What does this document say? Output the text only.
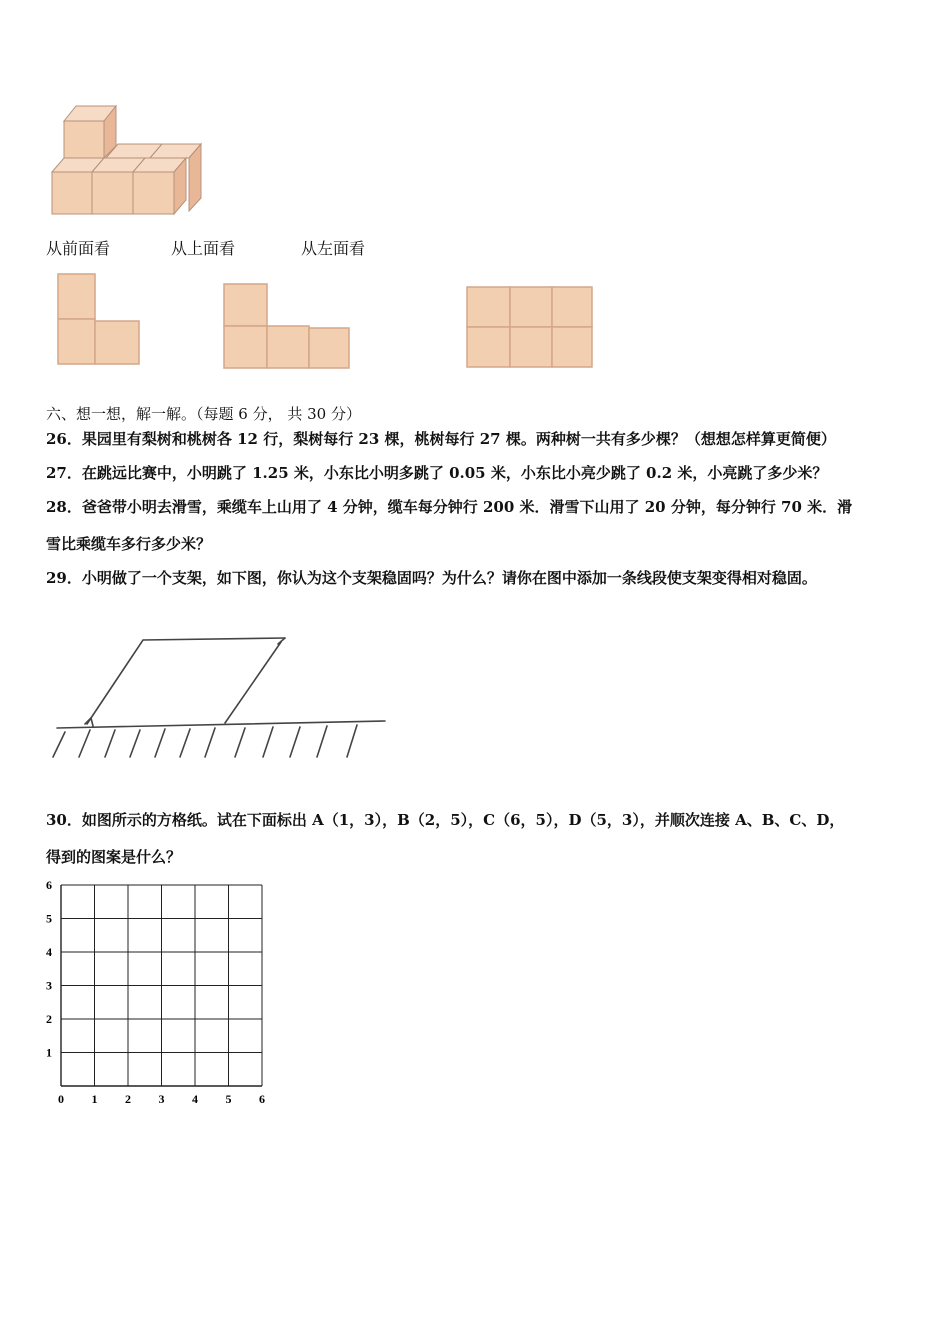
从前面看	从上面看	从左面看
六、想一想，解一解。（每题 6 分， 共 30 分）
26．果园里有梨树和桃树各 12 行，梨树每行 23 棵，桃树每行 27 棵。两种树一共有多少棵？（想想怎样算更简便）
27．在跳远比赛中，小明跳了 1.25 米，小东比小明多跳了 0.05 米，小东比小亮少跳了 0.2 米，小亮跳了多少米？
28．爸爸带小明去滑雪，乘缆车上山用了 4 分钟，缆车每分钟行 200 米．滑雪下山用了 20 分钟，每分钟行 70 米．滑
雪比乘缆车多行多少米？
29．小明做了一个支架，如下图，你认为这个支架稳固吗？为什么？请你在图中添加一条线段使支架变得相对稳固。
30．如图所示的方格纸。试在下面标出 A（1，3），B（2，5），C（6，5），D（5，3），并顺次连接 A、B、C、D，
得到的图案是什么？
0 1 2 3 4 5 6
1
2
3
4
5
6
